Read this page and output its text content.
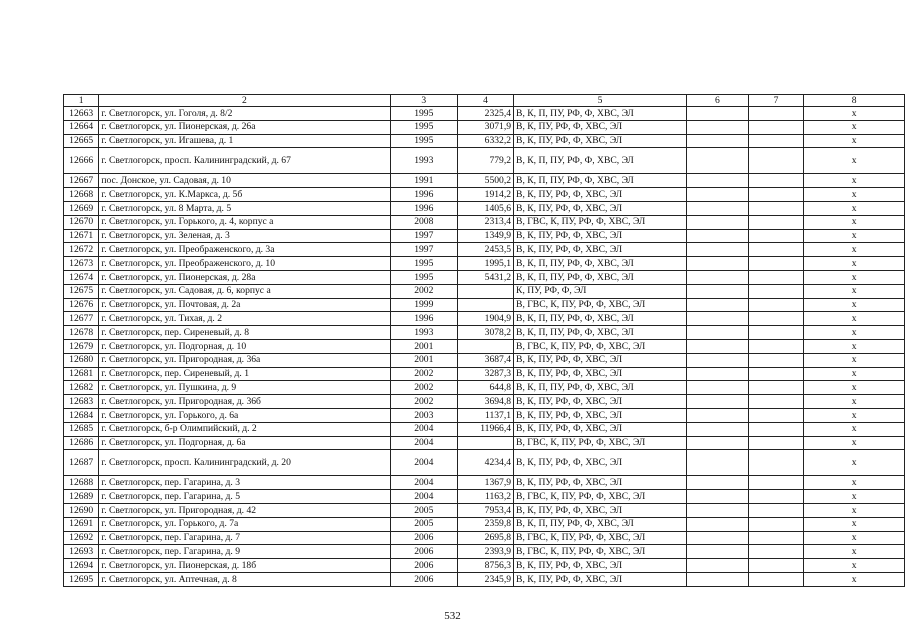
1	2	3	4	5	6	7	8
12663	г. Светлогорск, ул. Гоголя, д. 8/2	1995	2325,4	В, К, П, ПУ, РФ, Ф, ХВС, ЭЛ			х
12664	г. Светлогорск, ул. Пионерская, д. 26а	1995	3071,9	В, К, ПУ, РФ, Ф, ХВС, ЭЛ			х
12665	г. Светлогорск, ул. Игашева, д. 1	1995	6332,2	В, К, ПУ, РФ, Ф, ХВС, ЭЛ			х
12666	г. Светлогорск, просп. Калининградский, д. 67	1993	779,2	В, К, П, ПУ, РФ, Ф, ХВС, ЭЛ			х
12667	пос. Донское, ул. Садовая, д. 10	1991	5500,2	В, К, П, ПУ, РФ, Ф, ХВС, ЭЛ			х
12668	г. Светлогорск, ул. К.Маркса, д. 5б	1996	1914,2	В, К, ПУ, РФ, Ф, ХВС, ЭЛ			х
12669	г. Светлогорск, ул. 8 Марта, д. 5	1996	1405,6	В, К, ПУ, РФ, Ф, ХВС, ЭЛ			х
12670	г. Светлогорск, ул. Горького, д. 4, корпус а	2008	2313,4	В, ГВС, К, ПУ, РФ, Ф, ХВС, ЭЛ			х
12671	г. Светлогорск, ул. Зеленая, д. 3	1997	1349,9	В, К, ПУ, РФ, Ф, ХВС, ЭЛ			х
12672	г. Светлогорск, ул. Преображенского, д. 3а	1997	2453,5	В, К, ПУ, РФ, Ф, ХВС, ЭЛ			х
12673	г. Светлогорск, ул. Преображенского, д. 10	1995	1995,1	В, К, П, ПУ, РФ, Ф, ХВС, ЭЛ			х
12674	г. Светлогорск, ул. Пионерская, д. 28а	1995	5431,2	В, К, П, ПУ, РФ, Ф, ХВС, ЭЛ			х
12675	г. Светлогорск, ул. Садовая, д. 6, корпус а	2002		К, ПУ, РФ, Ф, ЭЛ			х
12676	г. Светлогорск, ул. Почтовая, д. 2а	1999		В, ГВС, К, ПУ, РФ, Ф, ХВС, ЭЛ			х
12677	г. Светлогорск, ул. Тихая, д. 2	1996	1904,9	В, К, П, ПУ, РФ, Ф, ХВС, ЭЛ			х
12678	г. Светлогорск, пер. Сиреневый, д. 8	1993	3078,2	В, К, П, ПУ, РФ, Ф, ХВС, ЭЛ			х
12679	г. Светлогорск, ул. Подгорная, д. 10	2001		В, ГВС, К, ПУ, РФ, Ф, ХВС, ЭЛ			х
12680	г. Светлогорск, ул. Пригородная, д. 36а	2001	3687,4	В, К, ПУ, РФ, Ф, ХВС, ЭЛ			х
12681	г. Светлогорск, пер. Сиреневый, д. 1	2002	3287,3	В, К, ПУ, РФ, Ф, ХВС, ЭЛ			х
12682	г. Светлогорск, ул. Пушкина, д. 9	2002	644,8	В, К, П, ПУ, РФ, Ф, ХВС, ЭЛ			х
12683	г. Светлогорск, ул. Пригородная, д. 36б	2002	3694,8	В, К, ПУ, РФ, Ф, ХВС, ЭЛ			х
12684	г. Светлогорск, ул. Горького, д. 6а	2003	1137,1	В, К, ПУ, РФ, Ф, ХВС, ЭЛ			х
12685	г. Светлогорск, б-р Олимпийский, д. 2	2004	11966,4	В, К, ПУ, РФ, Ф, ХВС, ЭЛ			х
12686	г. Светлогорск, ул. Подгорная, д. 6а	2004		В, ГВС, К, ПУ, РФ, Ф, ХВС, ЭЛ			х
12687	г. Светлогорск, просп. Калининградский, д. 20	2004	4234,4	В, К, ПУ, РФ, Ф, ХВС, ЭЛ			х
12688	г. Светлогорск, пер. Гагарина, д. 3	2004	1367,9	В, К, ПУ, РФ, Ф, ХВС, ЭЛ			х
12689	г. Светлогорск, пер. Гагарина, д. 5	2004	1163,2	В, ГВС, К, ПУ, РФ, Ф, ХВС, ЭЛ			х
12690	г. Светлогорск, ул. Пригородная, д. 42	2005	7953,4	В, К, ПУ, РФ, Ф, ХВС, ЭЛ			х
12691	г. Светлогорск, ул. Горького, д. 7а	2005	2359,8	В, К, П, ПУ, РФ, Ф, ХВС, ЭЛ			х
12692	г. Светлогорск, пер. Гагарина, д. 7	2006	2695,8	В, ГВС, К, ПУ, РФ, Ф, ХВС, ЭЛ			х
12693	г. Светлогорск, пер. Гагарина, д. 9	2006	2393,9	В, ГВС, К, ПУ, РФ, Ф, ХВС, ЭЛ			х
12694	г. Светлогорск, ул. Пионерская, д. 18б	2006	8756,3	В, К, ПУ, РФ, Ф, ХВС, ЭЛ			х
12695	г. Светлогорск, ул. Аптечная, д. 8	2006	2345,9	В, К, ПУ, РФ, Ф, ХВС, ЭЛ			х
532
